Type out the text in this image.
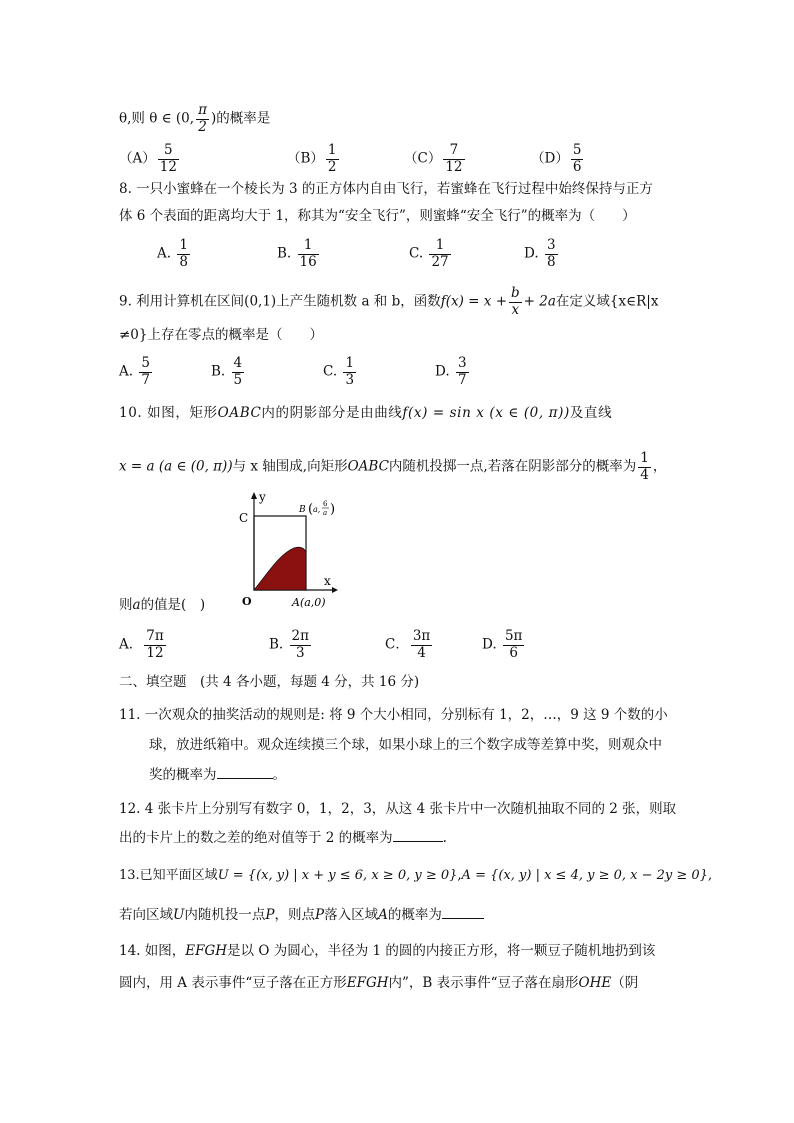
θ,则 θ ∈ (0, $\frac{\pi}{2}$ )的概率是
$(A) \frac{5}{12}$	$(B) \frac{1}{2}$	$(C) \frac{7}{12}$	$(D) \frac{5}{6}$
8. 一只小蜜蜂在一个棱长为 3 的正方体内自由飞行，若蜜蜂在飞行过程中始终保持与正方
体 6 个表面的距离均大于 1，称其为“安全飞行”，则蜜蜂“安全飞行”的概率为（　　）
A. $\frac{1}{8}$	B. $\frac{1}{16}$	C. $\frac{1}{27}$	D. $\frac{3}{8}$
9. 利用计算机在区间(0,1)上产生随机数 a 和 b，函数$f(x) = x + \frac{b}{x} + 2a$在定义域{x∈R|x
≠0}上存在零点的概率是（　　）
A. $\frac{5}{7}$	B. $\frac{4}{5}$	C. $\frac{1}{3}$	D. $\frac{3}{7}$
10. 如图，矩形OABC内的阴影部分是由曲线f(x) = sin x (x ∈ (0, π))及直线
x = a (a ∈ (0, π))与 x 轴围成,向矩形OABC内随机投掷一点,若落在阴影部分的概率为 $\frac{1}{4}$ ，
y
x
C
O
B ( a,
6
a )
A(a,0)
则a的值是(　)
A． $\frac{7\pi}{12}$	B. $\frac{2\pi}{3}$	C． $\frac{3\pi}{4}$	D. $\frac{5\pi}{6}$
二、填空题　(共 4 各小题，每题 4 分，共 16 分)
11. 一次观众的抽奖活动的规则是: 将 9 个大小相同，分别标有 1，2，…，9 这 9 个数的小
球，放进纸箱中。观众连续摸三个球，如果小球上的三个数字成等差算中奖，则观众中
奖的概率为	。
12. 4 张卡片上分别写有数字 0，1，2，3，从这 4 张卡片中一次随机抽取不同的 2 张，则取
出的卡片上的数之差的绝对值等于 2 的概率为	.
13.已知平面区域U = {(x, y) | x + y ≤ 6, x ≥ 0, y ≥ 0},A = {(x, y) | x ≤ 4, y ≥ 0, x − 2y ≥ 0},
若向区域U内随机投一点P，则点P落入区域A的概率为
14. 如图，EFGH是以 O 为圆心，半径为 1 的圆的内接正方形，将一颗豆子随机地扔到该
圆内，用 A 表示事件“豆子落在正方形EFGH内”，B 表示事件“豆子落在扇形OHE（阴
